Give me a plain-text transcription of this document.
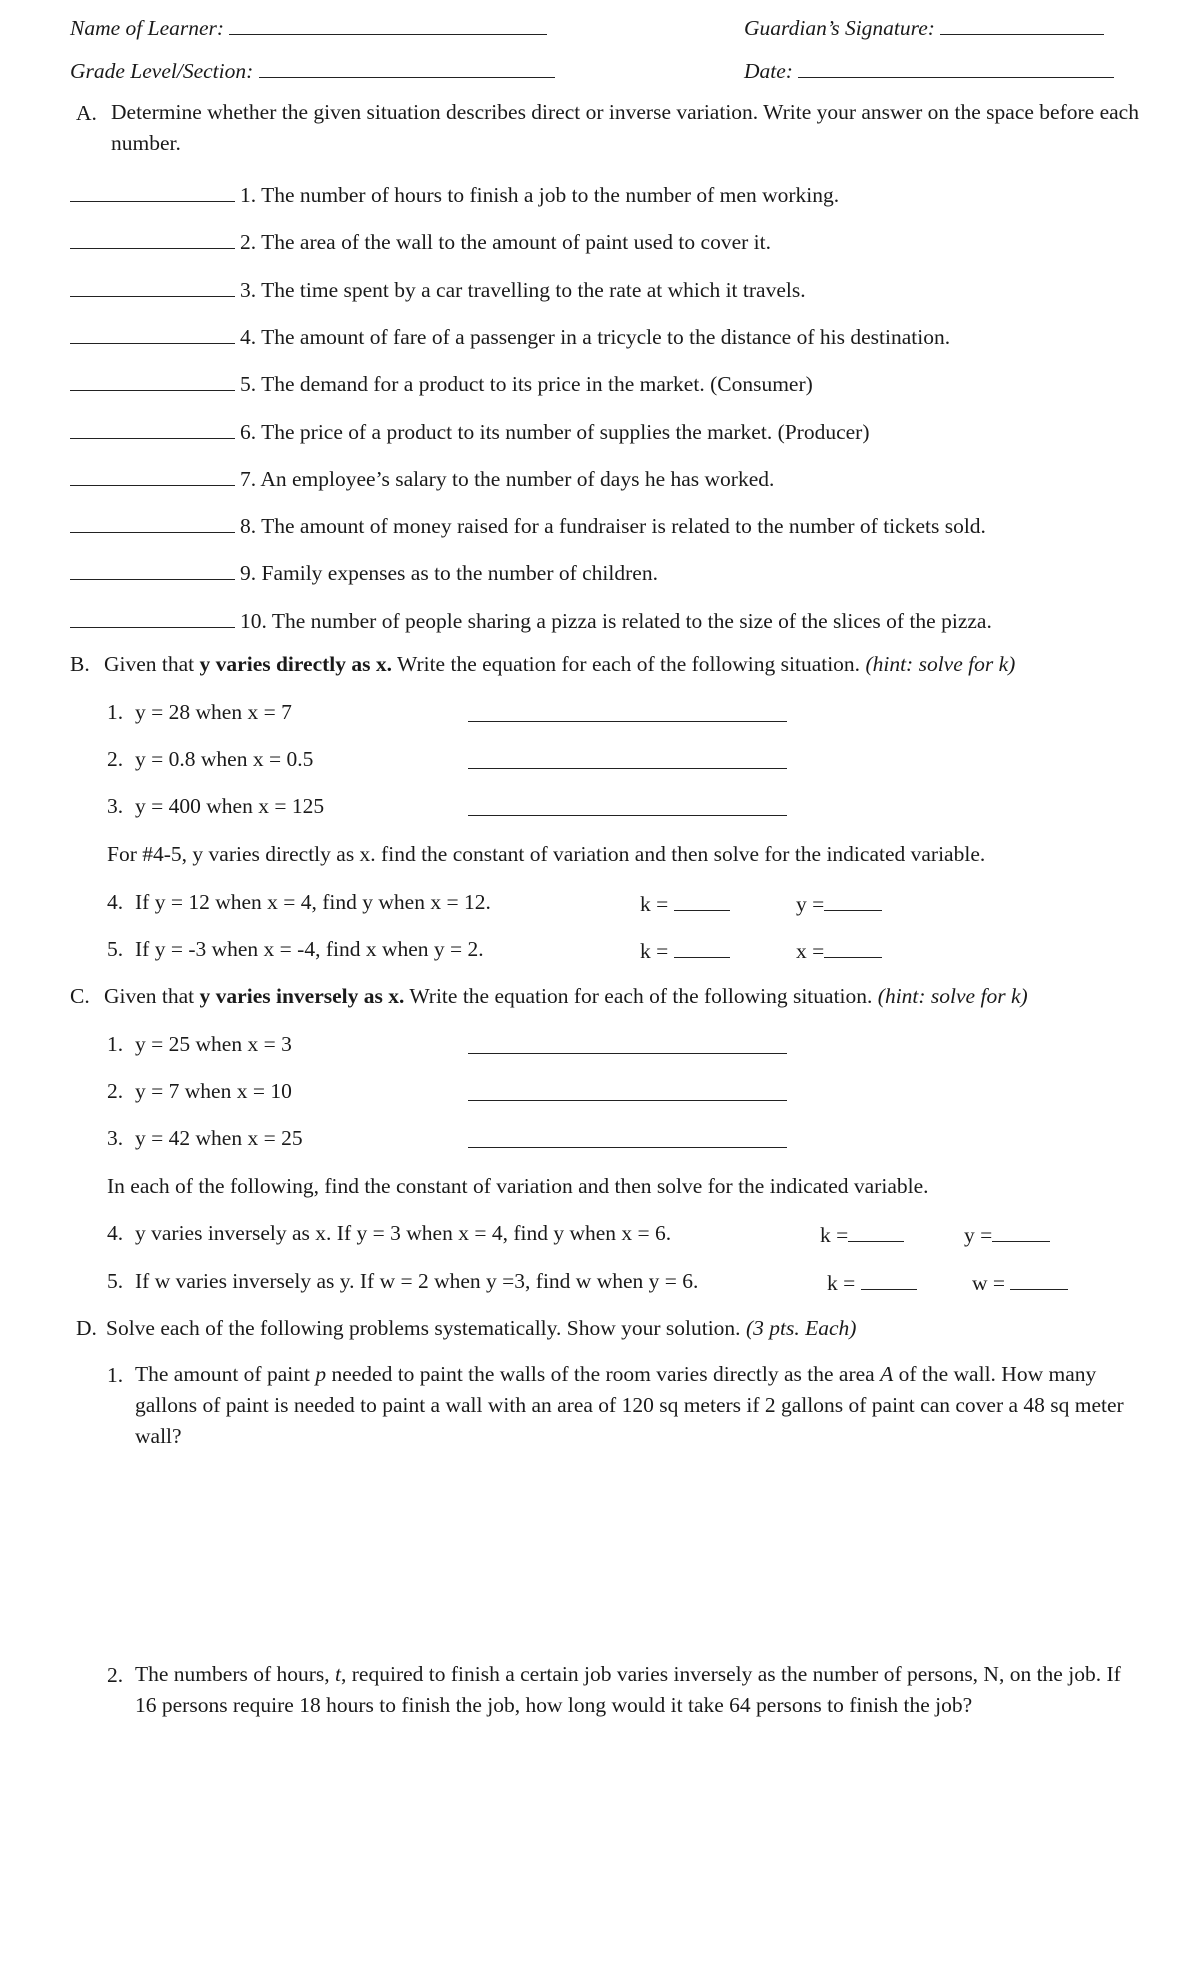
Name of Learner:	Guardian’s Signature:
Grade Level/Section:	Date:
A. Determine whether the given situation describes direct or inverse variation. Write your answer on the space before each number.
1. The number of hours to finish a job to the number of men working.
2. The area of the wall to the amount of paint used to cover it.
3. The time spent by a car travelling to the rate at which it travels.
4. The amount of fare of a passenger in a tricycle to the distance of his destination.
5. The demand for a product to its price in the market. (Consumer)
6. The price of a product to its number of supplies the market. (Producer)
7. An employee’s salary to the number of days he has worked.
8. The amount of money raised for a fundraiser is related to the number of tickets sold.
9. Family expenses as to the number of children.
10. The number of people sharing a pizza is related to the size of the slices of the pizza.
B. Given that y varies directly as x. Write the equation for each of the following situation. (hint: solve for k)
1. y = 28 when x = 7
2. y = 0.8 when x = 0.5
3. y = 400 when x = 125
For #4-5, y varies directly as x. find the constant of variation and then solve for the indicated variable.
4. If y = 12 when x = 4, find y when x = 12.	k =	y =
5. If y = -3 when x = -4, find x when y = 2.	k =	x =
C. Given that y varies inversely as x. Write the equation for each of the following situation. (hint: solve for k)
1. y = 25 when x = 3
2. y = 7 when x = 10
3. y = 42 when x = 25
In each of the following, find the constant of variation and then solve for the indicated variable.
4. y varies inversely as x. If y = 3 when x = 4, find y when x = 6.	k =	y =
5. If w varies inversely as y. If w = 2 when y =3, find w when y = 6.	k =	w =
D. Solve each of the following problems systematically. Show your solution. (3 pts. Each)
1. The amount of paint p needed to paint the walls of the room varies directly as the area A of the wall. How many gallons of paint is needed to paint a wall with an area of 120 sq meters if 2 gallons of paint can cover a 48 sq meter wall?
2. The numbers of hours, t, required to finish a certain job varies inversely as the number of persons, N, on the job. If 16 persons require 18 hours to finish the job, how long would it take 64 persons to finish the job?
